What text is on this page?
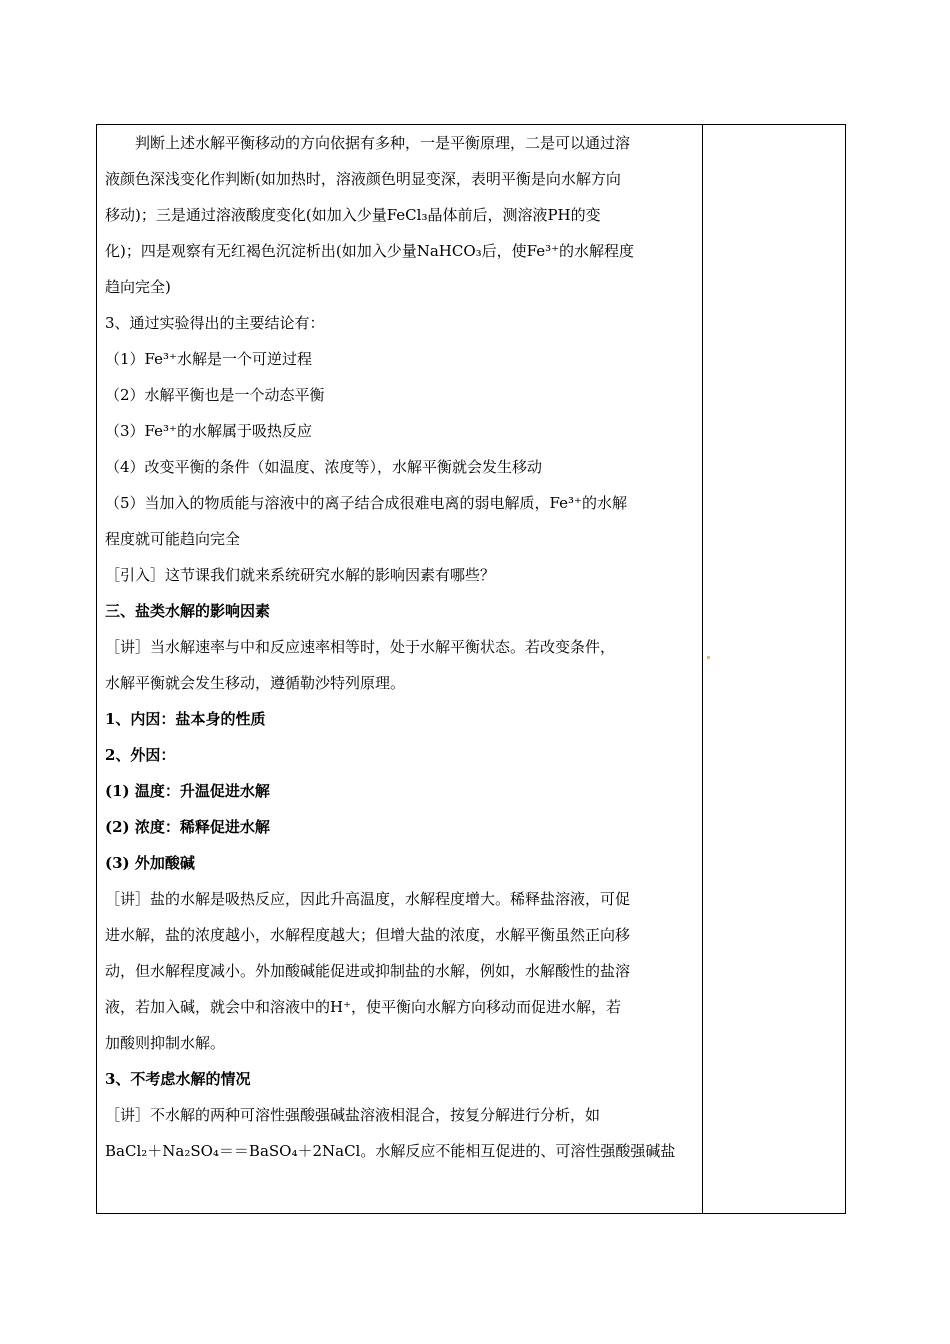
判断上述水解平衡移动的方向依据有多种，一是平衡原理，二是可以通过溶
液颜色深浅变化作判断(如加热时，溶液颜色明显变深，表明平衡是向水解方向
移动)；三是通过溶液酸度变化(如加入少量FeCl₃晶体前后，测溶液PH的变
化)；四是观察有无红褐色沉淀析出(如加入少量NaHCO₃后，使Fe³⁺的水解程度
趋向完全)
3、通过实验得出的主要结论有：
（1）Fe³⁺水解是一个可逆过程
（2）水解平衡也是一个动态平衡
（3）Fe³⁺的水解属于吸热反应
（4）改变平衡的条件（如温度、浓度等），水解平衡就会发生移动
（5）当加入的物质能与溶液中的离子结合成很难电离的弱电解质，Fe³⁺的水解
程度就可能趋向完全
［引入］这节课我们就来系统研究水解的影响因素有哪些？
三、盐类水解的影响因素
［讲］当水解速率与中和反应速率相等时，处于水解平衡状态。若改变条件，
水解平衡就会发生移动，遵循勒沙特列原理。
1、内因：盐本身的性质
2、外因：
(1) 温度：升温促进水解
(2) 浓度：稀释促进水解
(3) 外加酸碱
［讲］盐的水解是吸热反应，因此升高温度，水解程度增大。稀释盐溶液，可促
进水解，盐的浓度越小，水解程度越大；但增大盐的浓度，水解平衡虽然正向移
动，但水解程度减小。外加酸碱能促进或抑制盐的水解，例如，水解酸性的盐溶
液，若加入碱，就会中和溶液中的H⁺，使平衡向水解方向移动而促进水解，若
加酸则抑制水解。
3、不考虑水解的情况
［讲］不水解的两种可溶性强酸强碱盐溶液相混合，按复分解进行分析，如
BaCl₂＋Na₂SO₄＝＝BaSO₄＋2NaCl。水解反应不能相互促进的、可溶性强酸强碱盐
